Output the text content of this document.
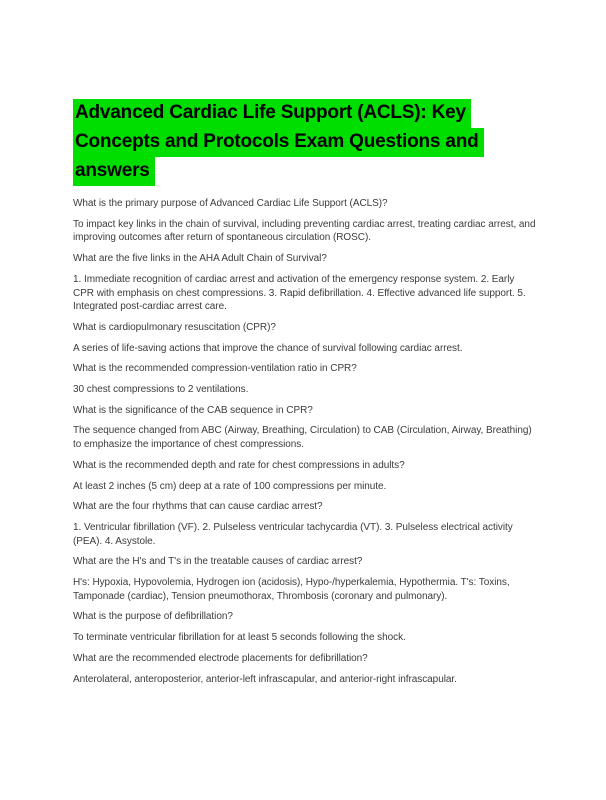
Advanced Cardiac Life Support (ACLS): Key
Concepts and Protocols Exam Questions and
answers

What is the primary purpose of Advanced Cardiac Life Support (ACLS)?

To impact key links in the chain of survival, including preventing cardiac arrest, treating cardiac arrest, and improving outcomes after return of spontaneous circulation (ROSC).

What are the five links in the AHA Adult Chain of Survival?

1. Immediate recognition of cardiac arrest and activation of the emergency response system. 2. Early CPR with emphasis on chest compressions. 3. Rapid defibrillation. 4. Effective advanced life support. 5. Integrated post-cardiac arrest care.

What is cardiopulmonary resuscitation (CPR)?

A series of life-saving actions that improve the chance of survival following cardiac arrest.

What is the recommended compression-ventilation ratio in CPR?

30 chest compressions to 2 ventilations.

What is the significance of the CAB sequence in CPR?

The sequence changed from ABC (Airway, Breathing, Circulation) to CAB (Circulation, Airway, Breathing) to emphasize the importance of chest compressions.

What is the recommended depth and rate for chest compressions in adults?

At least 2 inches (5 cm) deep at a rate of 100 compressions per minute.

What are the four rhythms that can cause cardiac arrest?

1. Ventricular fibrillation (VF). 2. Pulseless ventricular tachycardia (VT). 3. Pulseless electrical activity (PEA). 4. Asystole.

What are the H's and T's in the treatable causes of cardiac arrest?

H's: Hypoxia, Hypovolemia, Hydrogen ion (acidosis), Hypo-/hyperkalemia, Hypothermia. T's: Toxins, Tamponade (cardiac), Tension pneumothorax, Thrombosis (coronary and pulmonary).

What is the purpose of defibrillation?

To terminate ventricular fibrillation for at least 5 seconds following the shock.

What are the recommended electrode placements for defibrillation?

Anterolateral, anteroposterior, anterior-left infrascapular, and anterior-right infrascapular.
